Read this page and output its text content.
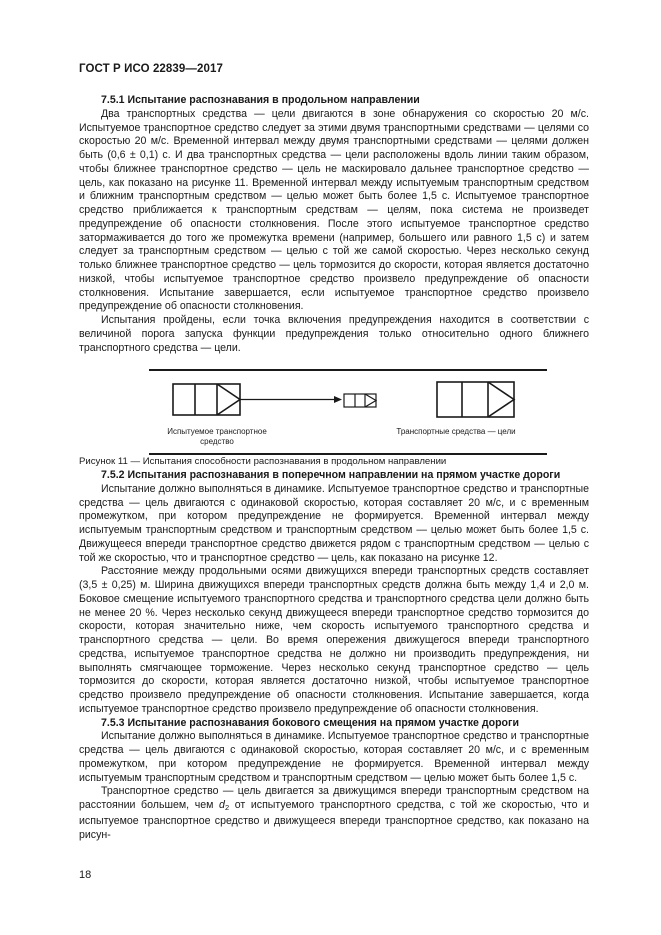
ГОСТ Р ИСО 22839—2017
7.5.1 Испытание распознавания в продольном направлении

Два транспортных средства — цели двигаются в зоне обнаружения со скоростью 20 м/с. Испытуемое транспортное средство следует за этими двумя транспортными средствами — целями со скоростью 20 м/с. Временной интервал между двумя транспортными средствами — целями должен быть (0,6 ± 0,1) с. И два транспортных средства — цели расположены вдоль линии таким образом, чтобы ближнее транспортное средство — цель не маскировало дальнее транспортное средство — цель, как показано на рисунке 11. Временной интервал между испытуемым транспортным средством и ближним транспортным средством — целью может быть более 1,5 с. Испытуемое транспортное средство приближается к транспортным средствам — целям, пока система не произведет предупреждение об опасности столкновения. После этого испытуемое транспортное средство затормаживается до того же промежутка времени (например, большего или равного 1,5 с) и затем следует за транспортным средством — целью с той же самой скоростью. Через несколько секунд только ближнее транспортное средство — цель тормозится до скорости, которая является достаточно низкой, чтобы испытуемое транспортное средство произвело предупреждение об опасности столкновения. Испытание завершается, если испытуемое транспортное средство произвело предупреждение об опасности столкновения.

Испытания пройдены, если точка включения предупреждения находится в соответствии с величиной порога запуска функции предупреждения только относительно одного ближнего транспортного средства — цели.

Испытуемое транспортное средство
Транспортные средства — цели

Рисунок 11 — Испытания способности распознавания в продольном направлении

7.5.2 Испытания распознавания в поперечном направлении на прямом участке дороги

Испытание должно выполняться в динамике. Испытуемое транспортное средство и транспортные средства — цель двигаются с одинаковой скоростью, которая составляет 20 м/с, и с временным промежутком, при котором предупреждение не формируется. Временной интервал между испытуемым транспортным средством и транспортным средством — целью может быть более 1,5 с. Движущееся впереди транспортное средство движется рядом с транспортным средством — целью с той же скоростью, что и транспортное средство — цель, как показано на рисунке 12.

Расстояние между продольными осями движущихся впереди транспортных средств составляет (3,5 ± 0,25) м. Ширина движущихся впереди транспортных средств должна быть между 1,4 и 2,0 м. Боковое смещение испытуемого транспортного средства и транспортного средства цели должно быть не менее 20 %. Через несколько секунд движущееся впереди транспортное средство тормозится до скорости, которая значительно ниже, чем скорость испытуемого транспортного средства и транспортного средства — цели. Во время опережения движущегося впереди транспортного средства, испытуемое транспортное средства не должно ни производить предупреждения, ни выполнять смягчающее торможение. Через несколько секунд транспортное средство — цель тормозится до скорости, которая является достаточно низкой, чтобы испытуемое транспортное средство произвело предупреждение об опасности столкновения. Испытание завершается, когда испытуемое транспортное средство произвело предупреждение об опасности столкновения.

7.5.3 Испытание распознавания бокового смещения на прямом участке дороги

Испытание должно выполняться в динамике. Испытуемое транспортное средство и транспортные средства — цель двигаются с одинаковой скоростью, которая составляет 20 м/с, и с временным промежутком, при котором предупреждение не формируется. Временной интервал между испытуемым транспортным средством и транспортным средством — целью может быть более 1,5 с.

Транспортное средство — цель двигается за движущимся впереди транспортным средством на расстоянии большем, чем $d_2$ от испытуемого транспортного средства, с той же скоростью, что и испытуемое транспортное средство и движущееся впереди транспортное средство, как показано на рисун-

18
